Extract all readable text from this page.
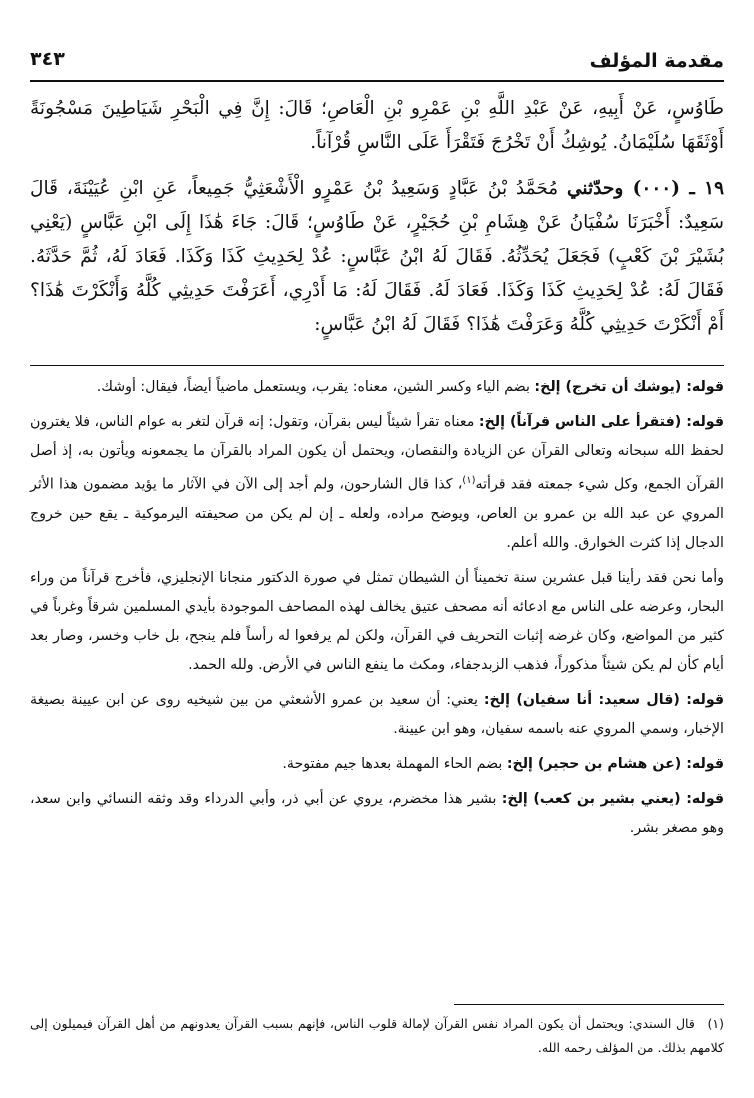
مقدمة المؤلف
٣٤٣

طَاوُسٍ، عَنْ أَبِيهِ، عَنْ عَبْدِ اللَّهِ بْنِ عَمْرِو بْنِ الْعَاصِ؛ قَالَ: إِنَّ فِي الْبَحْرِ شَيَاطِينَ مَسْجُونَةً أَوْثَقَهَا سُلَيْمَانُ. يُوشِكُ أَنْ تَخْرُجَ فَتَقْرَأَ عَلَى النَّاسِ قُرْآناً.

١٩ ـ (٠٠٠) وحدّثني مُحَمَّدُ بْنُ عَبَّادٍ وَسَعِيدُ بْنُ عَمْرٍو الْأَشْعَثِيُّ جَمِيعاً، عَنِ ابْنِ عُيَيْنَةَ، قَالَ سَعِيدٌ: أَخْبَرَنَا سُفْيَانُ عَنْ هِشَامِ بْنِ حُجَيْرٍ، عَنْ طَاوُسٍ؛ قَالَ: جَاءَ هَٰذَا إِلَى ابْنِ عَبَّاسٍ (يَعْنِي بُشَيْرَ بْنَ كَعْبٍ) فَجَعَلَ يُحَدِّثُهُ. فَقَالَ لَهُ ابْنُ عَبَّاسٍ: عُدْ لِحَدِيثِ كَذَا وَكَذَا. فَعَادَ لَهُ، ثُمَّ حَدَّثَهُ. فَقَالَ لَهُ: عُدْ لِحَدِيثِ كَذَا وَكَذَا. فَعَادَ لَهُ. فَقَالَ لَهُ: مَا أَدْرِي، أَعَرَفْتَ حَدِيثِي كُلَّهُ وَأَنْكَرْتَ هَٰذَا؟ أَمْ أَنْكَرْتَ حَدِيثِي كُلَّهُ وَعَرَفْتَ هَٰذَا؟ فَقَالَ لَهُ ابْنُ عَبَّاسٍ:

قوله: (يوشك أن تخرج) إلخ: بضم الياء وكسر الشين، معناه: يقرب، ويستعمل ماضياً أيضاً، فيقال: أوشك.

قوله: (فتقرأ على الناس قرآناً) إلخ: معناه تقرأ شيئاً ليس بقرآن، وتقول: إنه قرآن لتغر به عوام الناس، فلا يغترون لحفظ الله سبحانه وتعالى القرآن عن الزيادة والنقصان، ويحتمل أن يكون المراد بالقرآن ما يجمعونه ويأتون به، إذ أصل القرآن الجمع، وكل شيء جمعته فقد قرأته$^{(١)}$، كذا قال الشارحون، ولم أجد إلى الآن في الآثار ما يؤيد مضمون هذا الأثر المروي عن عبد الله بن عمرو بن العاص، ويوضح مراده، ولعله ـ إن لم يكن من صحيفته اليرموكية ـ يقع حين خروج الدجال إذا كثرت الخوارق. والله أعلم.

وأما نحن فقد رأينا قبل عشرين سنة تخميناً أن الشيطان تمثل في صورة الدكتور منجانا الإنجليزي، فأخرج قرآناً من وراء البحار، وعرضه على الناس مع ادعائه أنه مصحف عتيق يخالف لهذه المصاحف الموجودة بأيدي المسلمين شرقاً وغرباً في كثير من المواضع، وكان غرضه إثبات التحريف في القرآن، ولكن لم يرفعوا له رأساً فلم ينجح، بل خاب وخسر، وصار بعد أيام كأن لم يكن شيئاً مذكوراً، فذهب الزبدجفاء، ومكث ما ينفع الناس في الأرض. ولله الحمد.

قوله: (قال سعيد: أنا سفيان) إلخ: يعني: أن سعيد بن عمرو الأشعثي من بين شيخيه روى عن ابن عيينة بصيغة الإخبار، وسمي المروي عنه باسمه سفيان، وهو ابن عيينة.

قوله: (عن هشام بن حجير) إلخ: بضم الحاء المهملة بعدها جيم مفتوحة.

قوله: (يعني بشير بن كعب) إلخ: بشير هذا مخضرم، يروي عن أبي ذر، وأبي الدرداء وقد وثقه النسائي وابن سعد، وهو مصغر بشر.

(١) قال السندي: ويحتمل أن يكون المراد نفس القرآن لإمالة قلوب الناس، فإنهم بسبب القرآن يعدونهم من أهل القرآن فيميلون إلى كلامهم بذلك. من المؤلف رحمه الله.
